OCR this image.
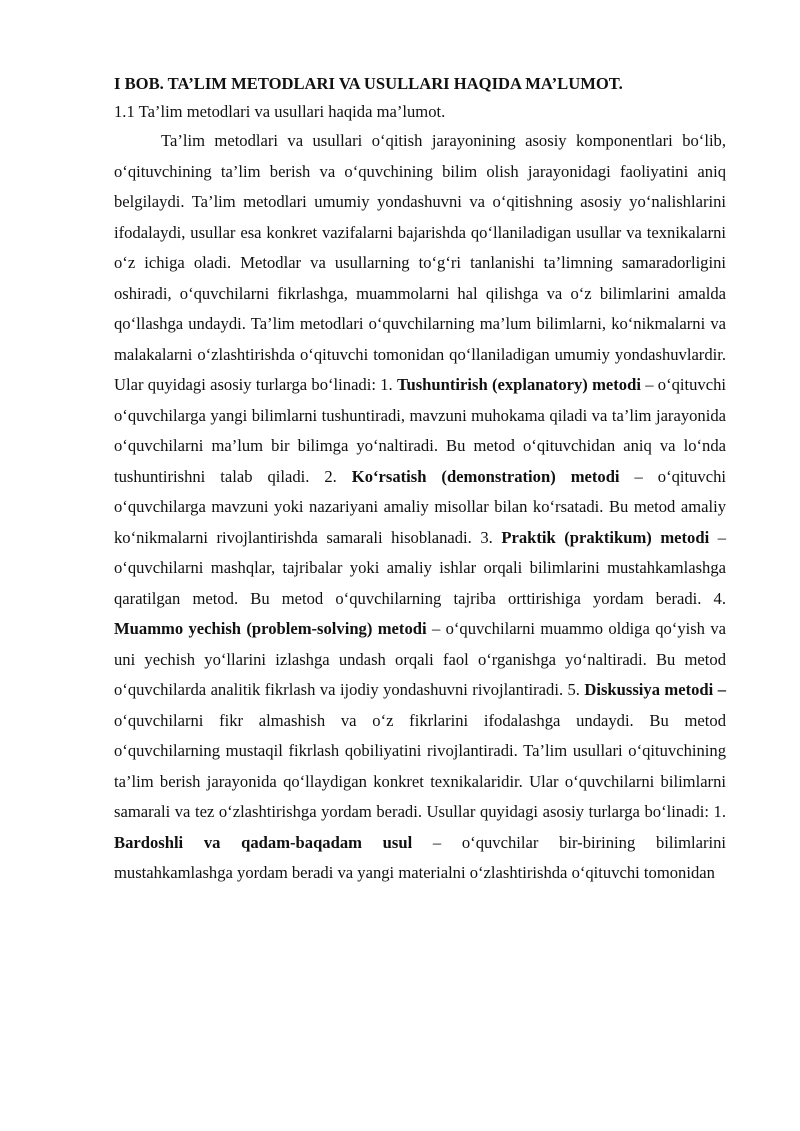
I BOB. TA’LIM METODLARI VA USULLARI HAQIDA MA’LUMOT.
1.1 Ta’lim metodlari va usullari haqida ma’lumot.

Ta’lim metodlari va usullari o‘qitish jarayonining asosiy komponentlari bo‘lib, o‘qituvchining ta’lim berish va o‘quvchining bilim olish jarayonidagi faoliyatini aniq belgilaydi. Ta’lim metodlari umumiy yondashuvni va o‘qitishning asosiy yo‘nalishlarini ifodalaydi, usullar esa konkret vazifalarni bajarishda qo‘llaniladigan usullar va texnikalarni o‘z ichiga oladi. Metodlar va usullarning to‘g‘ri tanlanishi ta’limning samaradorligini oshiradi, o‘quvchilarni fikrlashga, muammolarni hal qilishga va o‘z bilimlarini amalda qo‘llashga undaydi. Ta’lim metodlari o‘quvchilarning ma’lum bilimlarni, ko‘nikmalarni va malakalarni o‘zlashtirishda o‘qituvchi tomonidan qo‘llaniladigan umumiy yondashuvlardir. Ular quyidagi asosiy turlarga bo‘linadi: 1. Tushuntirish (explanatory) metodi – o‘qituvchi o‘quvchilarga yangi bilimlarni tushuntiradi, mavzuni muhokama qiladi va ta’lim jarayonida o‘quvchilarni ma’lum bir bilimga yo‘naltiradi. Bu metod o‘qituvchidan aniq va lo‘nda tushuntirishni talab qiladi. 2. Ko‘rsatish (demonstration) metodi – o‘qituvchi o‘quvchilarga mavzuni yoki nazariyani amaliy misollar bilan ko‘rsatadi. Bu metod amaliy ko‘nikmalarni rivojlantirishda samarali hisoblanadi. 3. Praktik (praktikum) metodi – o‘quvchilarni mashqlar, tajribalar yoki amaliy ishlar orqali bilimlarini mustahkamlashga qaratilgan metod. Bu metod o‘quvchilarning tajriba orttirishiga yordam beradi. 4. Muammo yechish (problem-solving) metodi – o‘quvchilarni muammo oldiga qo‘yish va uni yechish yo‘llarini izlashga undash orqali faol o‘rganishga yo‘naltiradi. Bu metod o‘quvchilarda analitik fikrlash va ijodiy yondashuvni rivojlantiradi. 5. Diskussiya metodi – o‘quvchilarni fikr almashish va o‘z fikrlarini ifodalashga undaydi. Bu metod o‘quvchilarning mustaqil fikrlash qobiliyatini rivojlantiradi. Ta’lim usullari o‘qituvchining ta’lim berish jarayonida qo‘llaydigan konkret texnikalaridir. Ular o‘quvchilarni bilimlarni samarali va tez o‘zlashtirishga yordam beradi. Usullar quyidagi asosiy turlarga bo‘linadi: 1. Bardoshli va qadam-baqadam usul – o‘quvchilar bir-birining bilimlarini mustahkamlashga yordam beradi va yangi materialni o‘zlashtirishda o‘qituvchi tomonidan
